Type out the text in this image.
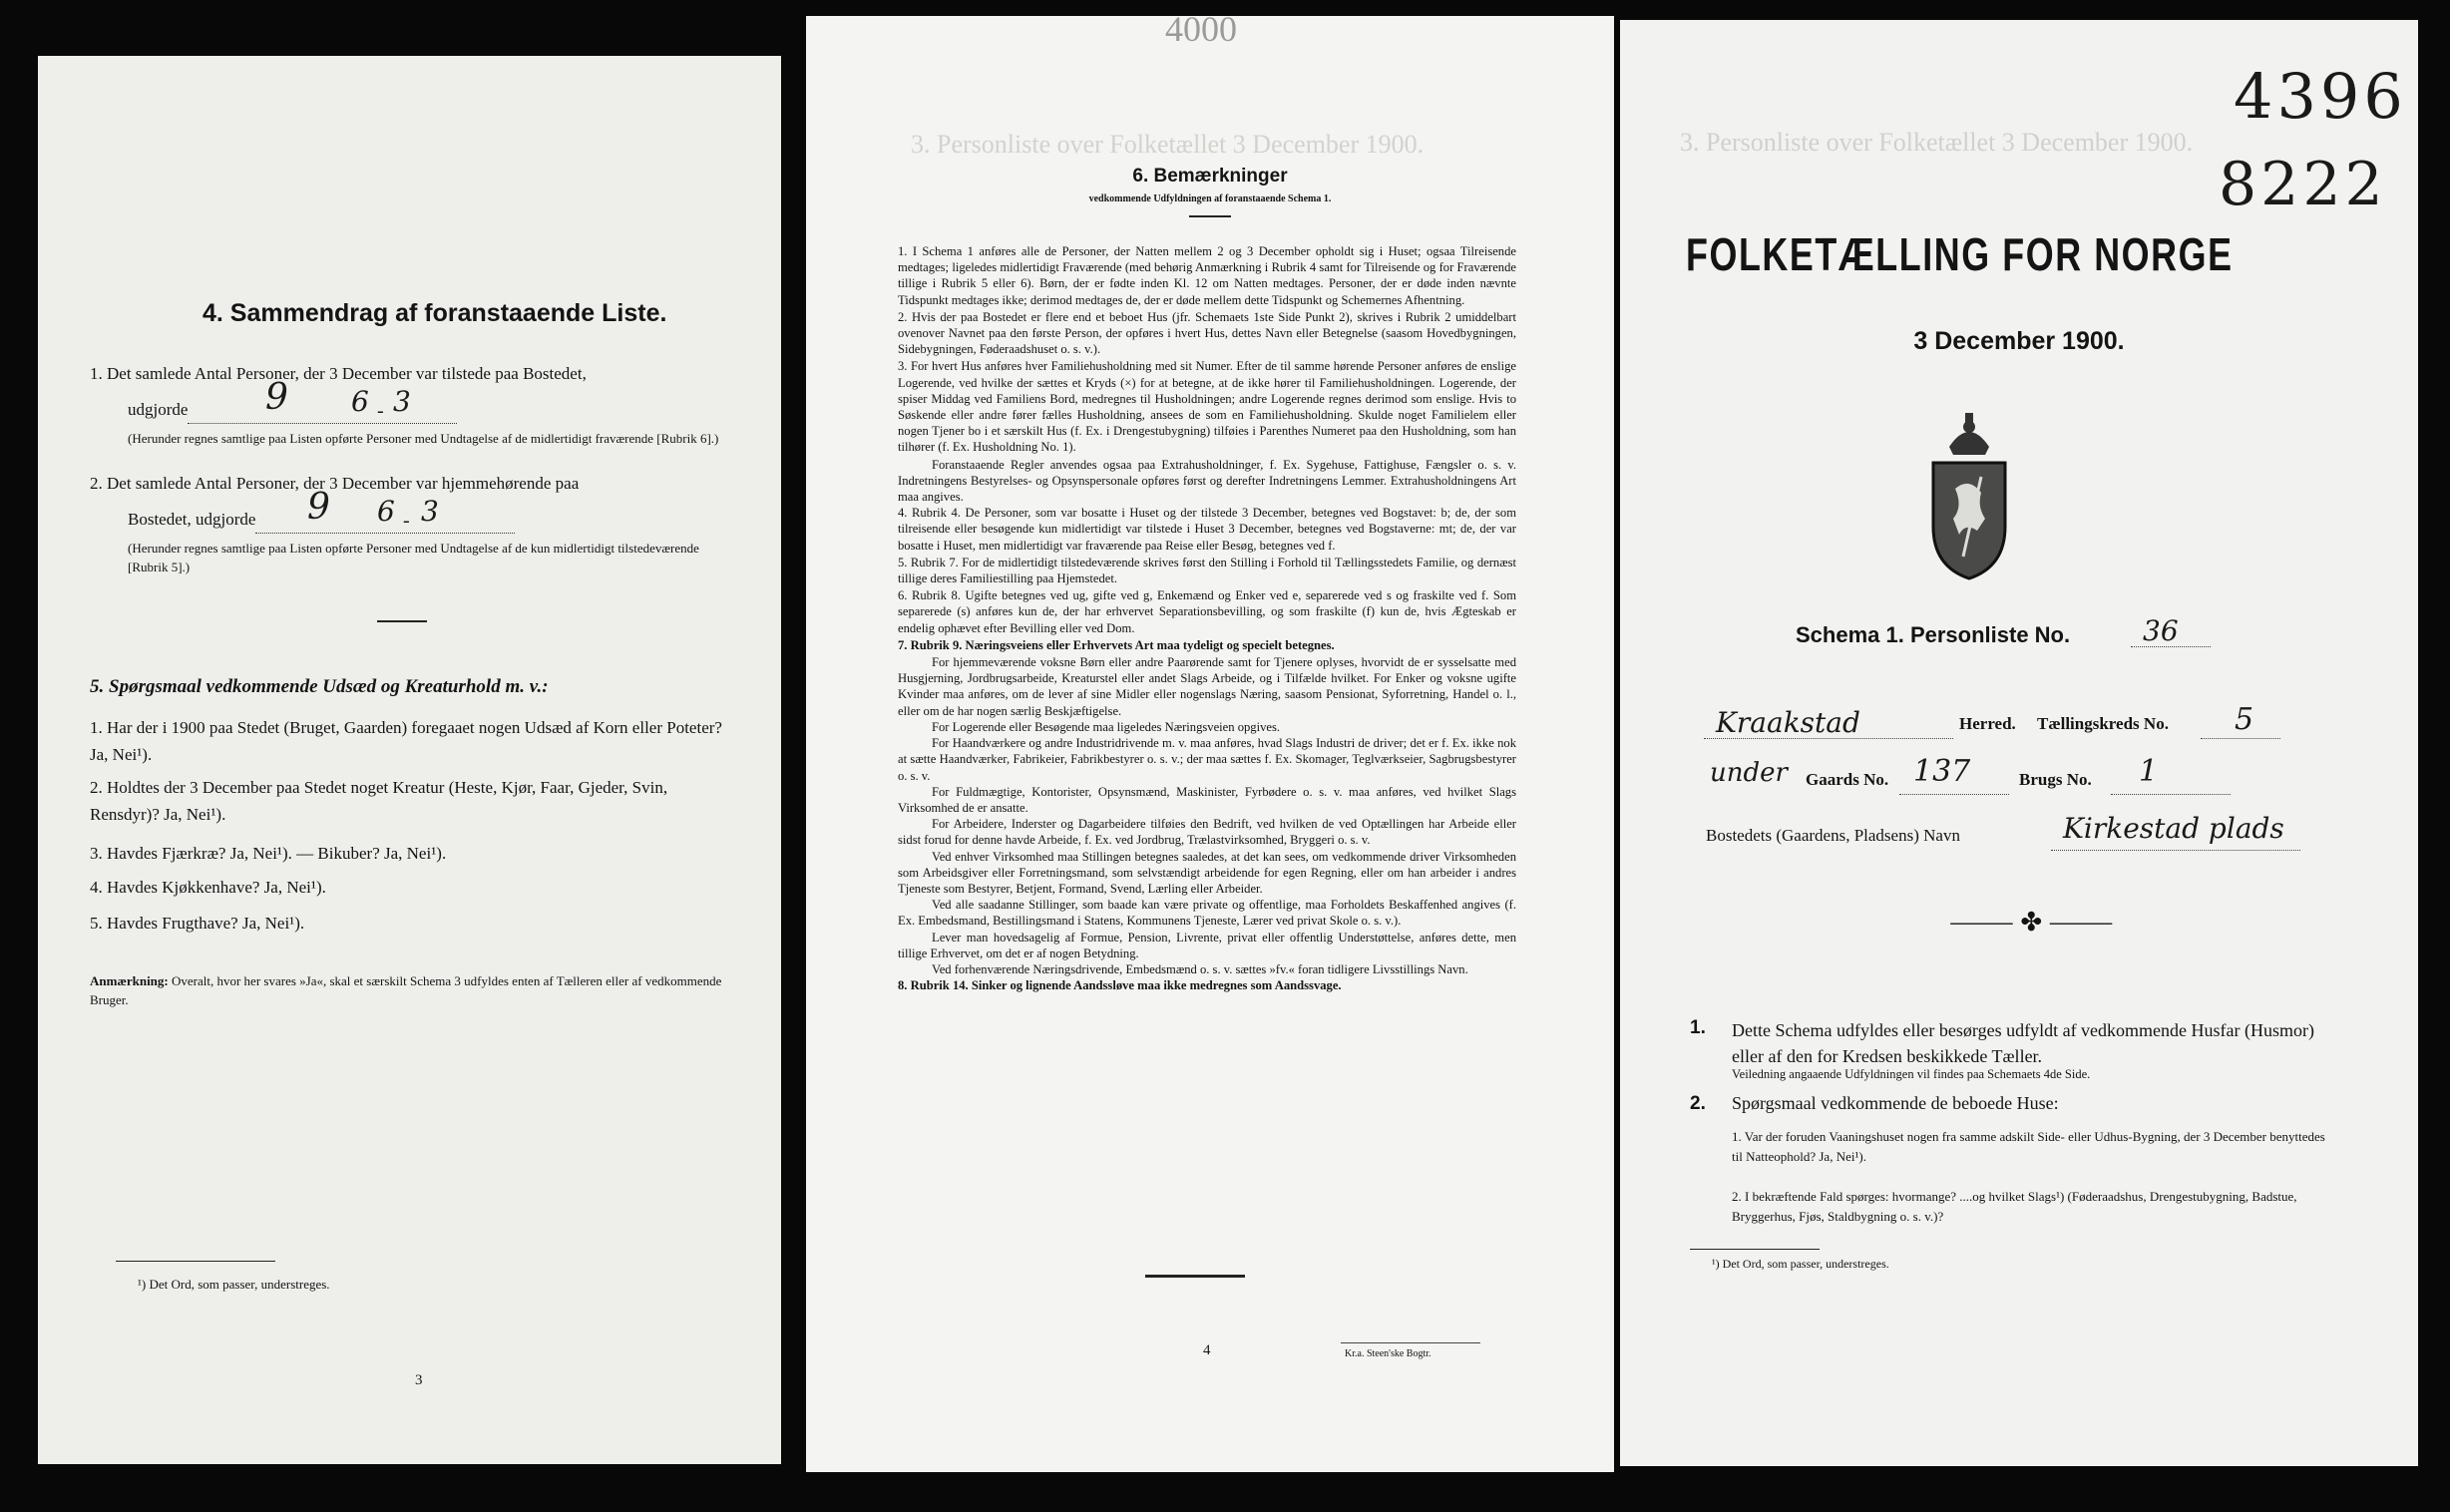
4. Sammendrag af foranstaaende Liste.
1. Det samlede Antal Personer, der 3 December var tilstede paa Bostedet,
udgjorde	9 6 - 3
(Herunder regnes samtlige paa Listen opførte Personer med Undtagelse af de midlertidigt fraværende [Rubrik 6].)
2. Det samlede Antal Personer, der 3 December var hjemmehørende paa
Bostedet, udgjorde	9 6 - 3
(Herunder regnes samtlige paa Listen opførte Personer med Undtagelse af de kun midlertidigt tilstedeværende [Rubrik 5].)
5. Spørgsmaal vedkommende Udsæd og Kreaturhold m. v.:
1. Har der i 1900 paa Stedet (Bruget, Gaarden) foregaaet nogen Udsæd af Korn eller Poteter? Ja, Nei¹).
2. Holdtes der 3 December paa Stedet noget Kreatur (Heste, Kjør, Faar, Gjeder, Svin, Rensdyr)? Ja, Nei¹).
3. Havdes Fjærkræ? Ja, Nei¹). — Bikuber? Ja, Nei¹).
4. Havdes Kjøkkenhave? Ja, Nei¹).
5. Havdes Frugthave? Ja, Nei¹).
Anmærkning: Overalt, hvor her svares »Ja«, skal et særskilt Schema 3 udfyldes enten af Tælleren eller af vedkommende Bruger.
¹) Det Ord, som passer, understreges.
3
4000
3. Personliste over Folketællet 3 December 1900.
6. Bemærkninger
vedkommende Udfyldningen af foranstaaende Schema 1.

1. I Schema 1 anføres alle de Personer, der Natten mellem 2 og 3 December opholdt sig i Huset; ogsaa Tilreisende medtages; ligeledes midlertidigt Fraværende (med behørig Anmærkning i Rubrik 4 samt for Tilreisende og for Fraværende tillige i Rubrik 5 eller 6). Børn, der er fødte inden Kl. 12 om Natten medtages. Personer, der er døde inden nævnte Tidspunkt medtages ikke; derimod medtages de, der er døde mellem dette Tidspunkt og Schemernes Afhentning.

2. Hvis der paa Bostedet er flere end et beboet Hus (jfr. Schemaets 1ste Side Punkt 2), skrives i Rubrik 2 umiddelbart ovenover Navnet paa den første Person, der opføres i hvert Hus, dettes Navn eller Betegnelse (saasom Hovedbygningen, Sidebygningen, Føderaadshuset o. s. v.).

3. For hvert Hus anføres hver Familiehusholdning med sit Numer. Efter de til samme hørende Personer anføres de enslige Logerende, ved hvilke der sættes et Kryds (×) for at betegne, at de ikke hører til Familiehusholdningen. Logerende, der spiser Middag ved Familiens Bord, medregnes til Husholdningen; andre Logerende regnes derimod som enslige. Hvis to Søskende eller andre fører fælles Husholdning, ansees de som en Familiehusholdning. Skulde noget Familielem eller nogen Tjener bo i et særskilt Hus (f. Ex. i Drengestubygning) tilføies i Parenthes Numeret paa den Husholdning, som han tilhører (f. Ex. Husholdning No. 1).

Foranstaaende Regler anvendes ogsaa paa Extrahusholdninger, f. Ex. Sygehuse, Fattighuse, Fængsler o. s. v. Indretningens Bestyrelses- og Opsynspersonale opføres først og derefter Indretningens Lemmer. Extrahusholdningens Art maa angives.

4. Rubrik 4. De Personer, som var bosatte i Huset og der tilstede 3 December, betegnes ved Bogstavet: b; de, der som tilreisende eller besøgende kun midlertidigt var tilstede i Huset 3 December, betegnes ved Bogstaverne: mt; de, der var bosatte i Huset, men midlertidigt var fraværende paa Reise eller Besøg, betegnes ved f.

5. Rubrik 7. For de midlertidigt tilstedeværende skrives først den Stilling i Forhold til Tællingsstedets Familie, og dernæst tillige deres Familiestilling paa Hjemstedet.

6. Rubrik 8. Ugifte betegnes ved ug, gifte ved g, Enkemænd og Enker ved e, separerede ved s og fraskilte ved f. Som separerede (s) anføres kun de, der har erhvervet Separationsbevilling, og som fraskilte (f) kun de, hvis Ægteskab er endelig ophævet efter Bevilling eller ved Dom.

7. Rubrik 9. Næringsveiens eller Erhvervets Art maa tydeligt og specielt betegnes.

For hjemmeværende voksne Børn eller andre Paarørende samt for Tjenere oplyses, hvorvidt de er sysselsatte med Husgjerning, Jordbrugsarbeide, Kreaturstel eller andet Slags Arbeide, og i Tilfælde hvilket. For Enker og voksne ugifte Kvinder maa anføres, om de lever af sine Midler eller nogenslags Næring, saasom Pensionat, Syforretning, Handel o. l., eller om de har nogen særlig Beskjæftigelse.

For Logerende eller Besøgende maa ligeledes Næringsveien opgives.

For Haandværkere og andre Industridrivende m. v. maa anføres, hvad Slags Industri de driver; det er f. Ex. ikke nok at sætte Haandværker, Fabrikeier, Fabrikbestyrer o. s. v.; der maa sættes f. Ex. Skomager, Teglværkseier, Sagbrugsbestyrer o. s. v.

For Fuldmægtige, Kontorister, Opsynsmænd, Maskinister, Fyrbødere o. s. v. maa anføres, ved hvilket Slags Virksomhed de er ansatte.

For Arbeidere, Inderster og Dagarbeidere tilføies den Bedrift, ved hvilken de ved Optællingen har Arbeide eller sidst forud for denne havde Arbeide, f. Ex. ved Jordbrug, Trælastvirksomhed, Bryggeri o. s. v.

Ved enhver Virksomhed maa Stillingen betegnes saaledes, at det kan sees, om vedkommende driver Virksomheden som Arbeidsgiver eller Forretningsmand, som selvstændigt arbeidende for egen Regning, eller om han arbeider i andres Tjeneste som Bestyrer, Betjent, Formand, Svend, Lærling eller Arbeider.

Ved alle saadanne Stillinger, som baade kan være private og offentlige, maa Forholdets Beskaffenhed angives (f. Ex. Embedsmand, Bestillingsmand i Statens, Kommunens Tjeneste, Lærer ved privat Skole o. s. v.).

Lever man hovedsagelig af Formue, Pension, Livrente, privat eller offentlig Understøttelse, anføres dette, men tillige Erhvervet, om det er af nogen Betydning.

Ved forhenværende Næringsdrivende, Embedsmænd o. s. v. sættes »fv.« foran tidligere Livsstillings Navn.

8. Rubrik 14. Sinker og lignende Aandssløve maa ikke medregnes som Aandssvage.

4	Kr.a. Steen'ske Bogtr.
3. Personliste over Folketællet 3 December 1900.
4396
8222
FOLKETÆLLING FOR NORGE
3 December 1900.
Schema 1. Personliste No.	36
Kraakstad	Herred. Tællingskreds No. 5
under Gaards No. 137	Brugs No. 1
Bostedets (Gaardens, Pladsens) Navn	Kirkestad plads
⸻ ✤ ⸻
1. Dette Schema udfyldes eller besørges udfyldt af vedkommende Husfar (Husmor) eller af den for Kredsen beskikkede Tæller.
Veiledning angaaende Udfyldningen vil findes paa Schemaets 4de Side.
2. Spørgsmaal vedkommende de beboede Huse:
1. Var der foruden Vaaningshuset nogen fra samme adskilt Side- eller Udhus-Bygning, der 3 December benyttedes til Natteophold? Ja, Nei¹).
2. I bekræftende Fald spørges: hvormange? ....og hvilket Slags¹) (Føderaadshus, Drengestubygning, Badstue, Bryggerhus, Fjøs, Staldbygning o. s. v.)?
¹) Det Ord, som passer, understreges.
